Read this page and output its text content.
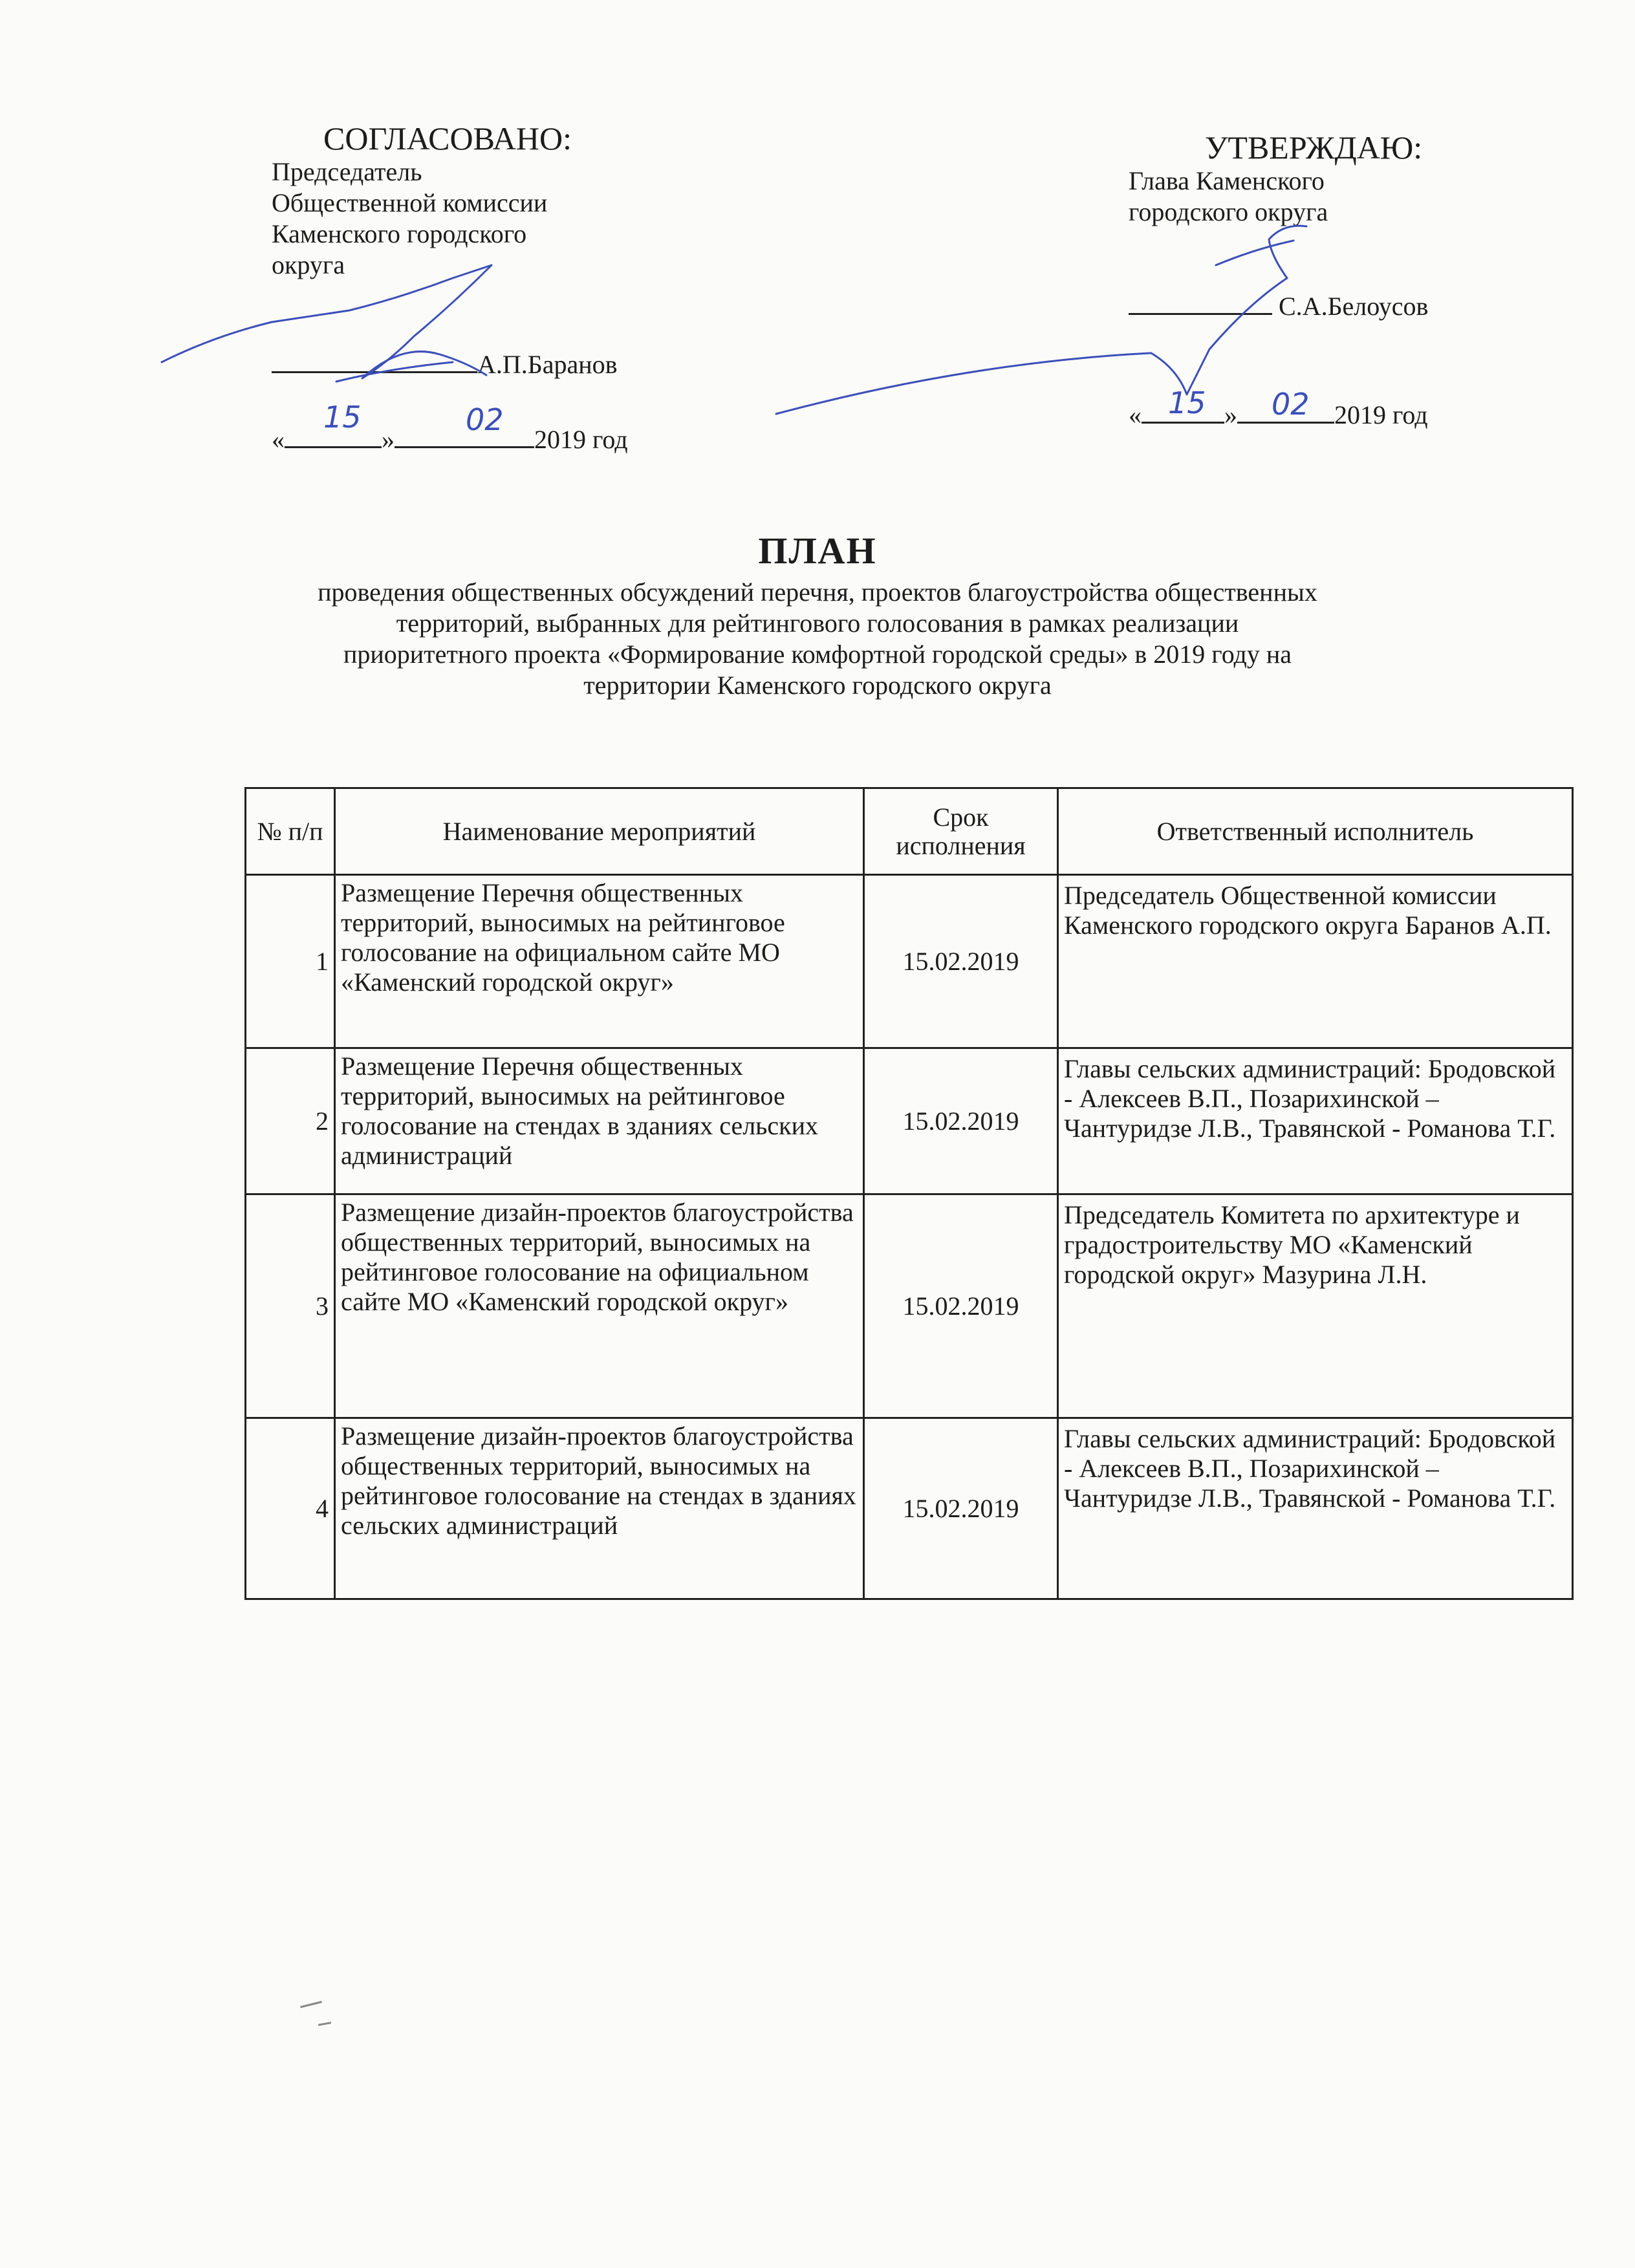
СОГЛАСОВАНО:
Председатель
Общественной комиссии
Каменского городского
округа
А.П.Баранов
«	»	2019 год
15	02
УТВЕРЖДАЮ:
Глава Каменского
городского округа
С.А.Белоусов
«	»	2019 год
15 02
ПЛАН
проведения общественных обсуждений перечня, проектов благоустройства общественных
территорий, выбранных для рейтингового голосования в рамках реализации
приоритетного проекта «Формирование комфортной городской среды» в 2019 году на
территории Каменского городского округа
№ п/п	Наименование мероприятий	Срок исполнения	Ответственный исполнитель
1	Размещение Перечня общественных территорий, выносимых на рейтинговое голосование на официальном сайте МО «Каменский городской округ»	15.02.2019	Председатель Общественной комиссии Каменского городского округа Баранов А.П.
2	Размещение Перечня общественных территорий, выносимых на рейтинговое голосование на стендах в зданиях сельских администраций	15.02.2019	Главы сельских администраций: Бродовской - Алексеев В.П., Позарихинской – Чантуридзе Л.В., Травянской - Романова Т.Г.
3	Размещение дизайн-проектов благоустройства общественных территорий, выносимых на рейтинговое голосование на официальном сайте МО «Каменский городской округ»	15.02.2019	Председатель Комитета по архитектуре и градостроительству МО «Каменский городской округ» Мазурина Л.Н.
4	Размещение дизайн-проектов благоустройства общественных территорий, выносимых на рейтинговое голосование на стендах в зданиях сельских администраций	15.02.2019	Главы сельских администраций: Бродовской - Алексеев В.П., Позарихинской – Чантуридзе Л.В., Травянской - Романова Т.Г.
